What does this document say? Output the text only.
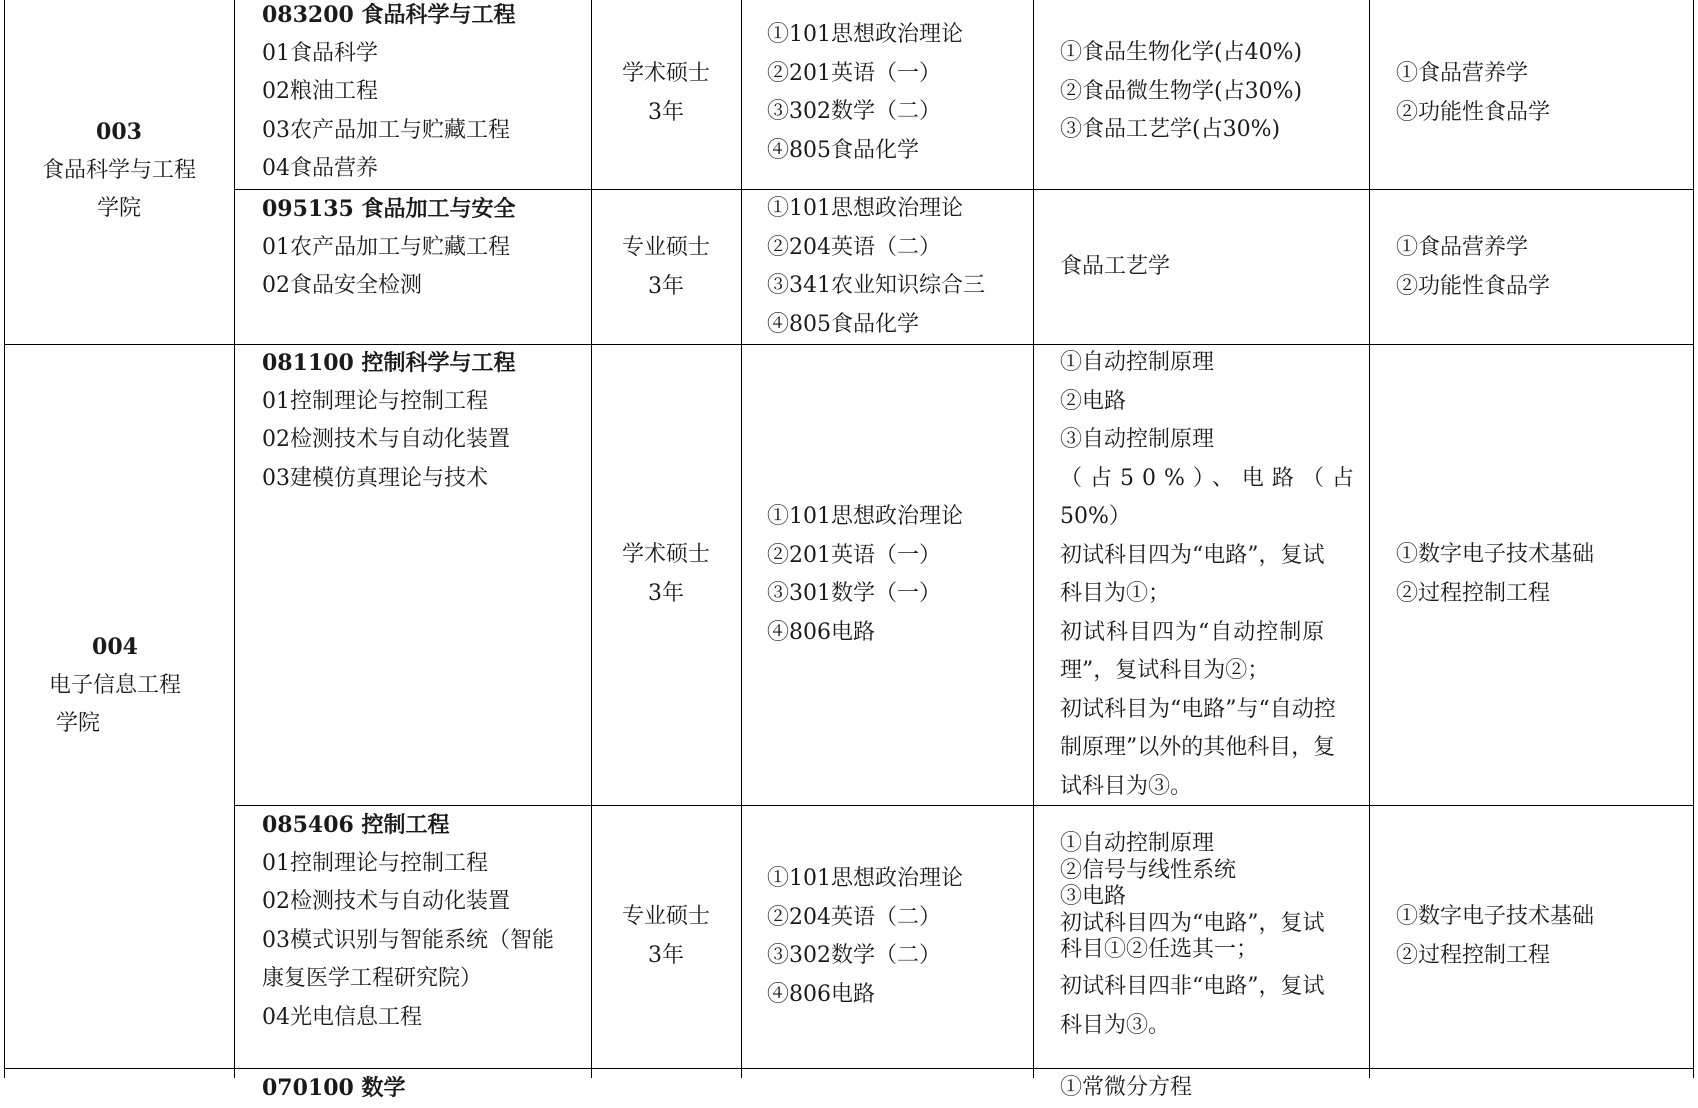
003
食品科学与工程
学院
083200 食品科学与工程
01食品科学
02粮油工程
03农产品加工与贮藏工程
04食品营养
学术硕士
3年
①101思想政治理论
②201英语（一）
③302数学（二）
④805食品化学
①食品生物化学(占40%)
②食品微生物学(占30%)
③食品工艺学(占30%)
①食品营养学
②功能性食品学
095135 食品加工与安全
01农产品加工与贮藏工程
02食品安全检测
专业硕士
3年
①101思想政治理论
②204英语（二）
③341农业知识综合三
④805食品化学
食品工艺学
①食品营养学
②功能性食品学
004
电子信息工程
学院
081100 控制科学与工程
01控制理论与控制工程
02检测技术与自动化装置
03建模仿真理论与技术
学术硕士
3年
①101思想政治理论
②201英语（一）
③301数学（一）
④806电路
①自动控制原理
②电路
③自动控制原理
（占50%）、电路（占
50%）
初试科目四为“电路”，复试
科目为①；
初试科目四为“自动控制原
理”，复试科目为②；
初试科目为“电路”与“自动控
制原理”以外的其他科目，复
试科目为③。
①数字电子技术基础
②过程控制工程
085406 控制工程
01控制理论与控制工程
02检测技术与自动化装置
03模式识别与智能系统（智能
康复医学工程研究院）
04光电信息工程
专业硕士
3年
①101思想政治理论
②204英语（二）
③302数学（二）
④806电路
①自动控制原理
②信号与线性系统
③电路
初试科目四为“电路”，复试
科目①②任选其一；
初试科目四非“电路”，复试
科目为③。
①数字电子技术基础
②过程控制工程
070100 数学	①常微分方程
